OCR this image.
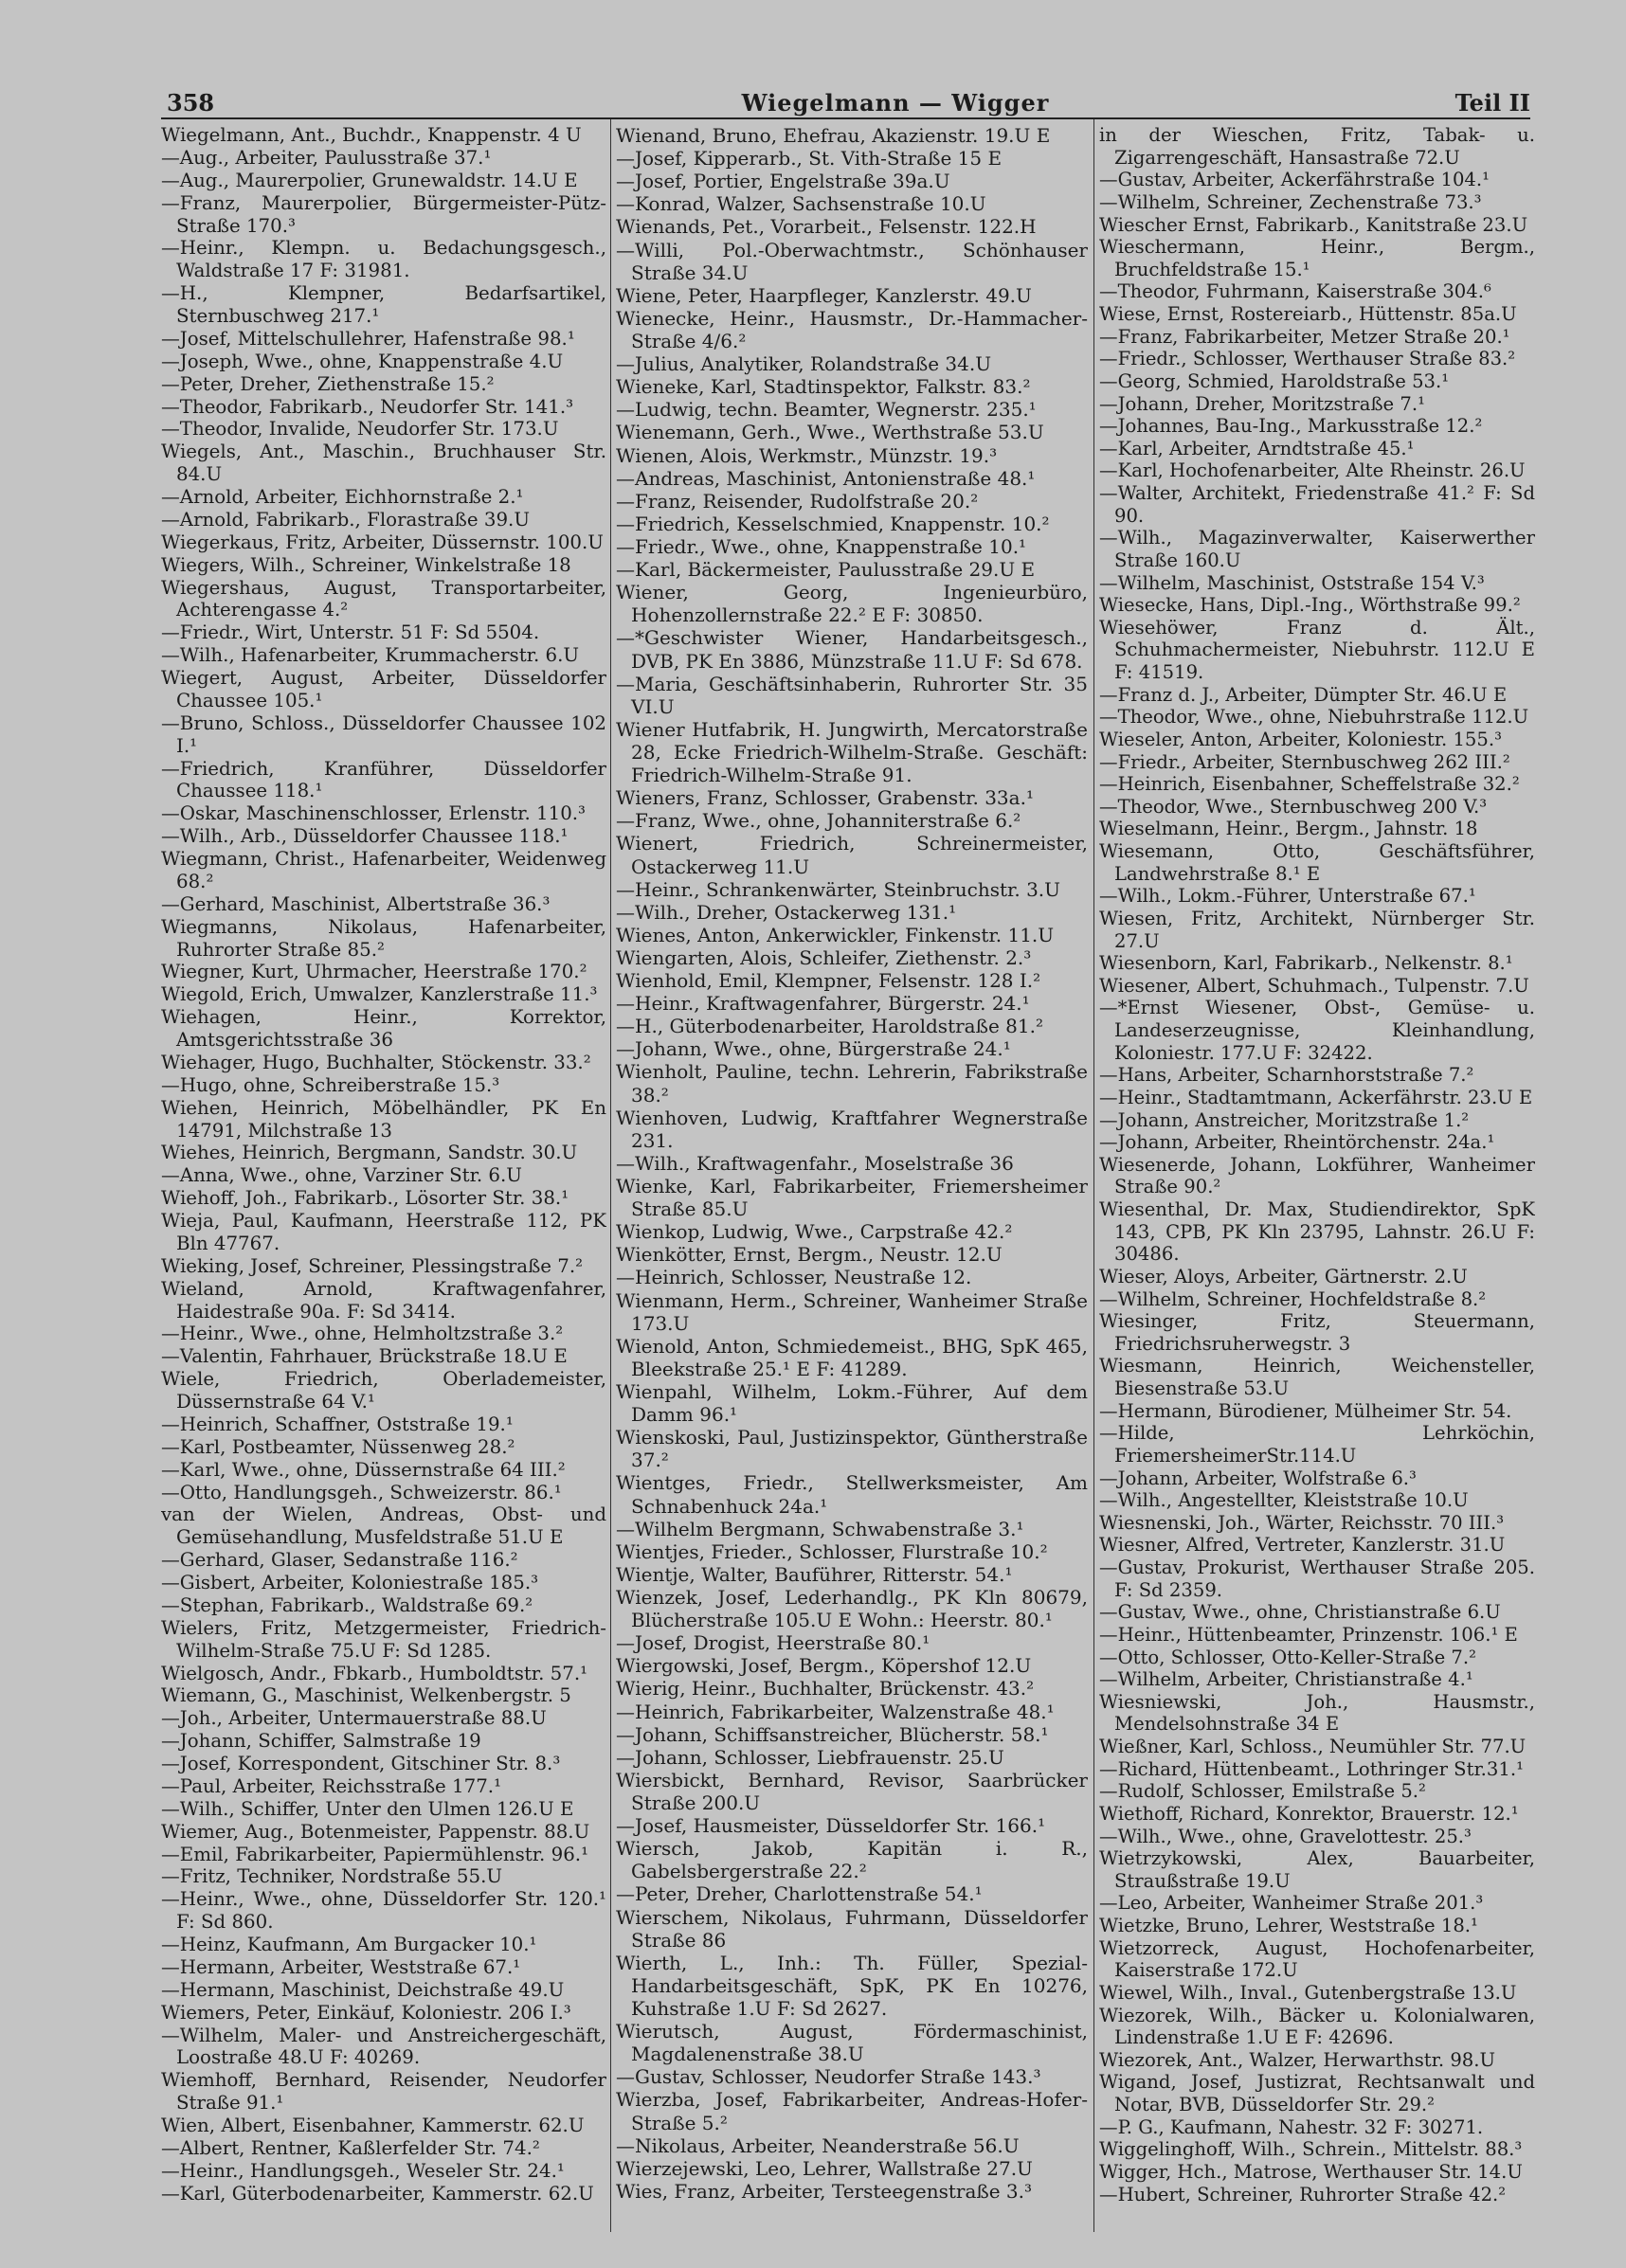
358	Wiegelmann — Wigger	Teil II
Wiegelmann, Ant., Buchdr., Knappenstr. 4 U
—Aug., Arbeiter, Paulusstraße 37.¹
—Aug., Maurerpolier, Grunewaldstr. 14.U E
—Franz, Maurerpolier, Bürgermeister-Pütz-Straße 170.³
—Heinr., Klempn. u. Bedachungsgesch., Waldstraße 17 F: 31981.
—H., Klempner, Bedarfsartikel, Sternbuschweg 217.¹
—Josef, Mittelschullehrer, Hafenstraße 98.¹
—Joseph, Wwe., ohne, Knappenstraße 4.U
—Peter, Dreher, Ziethenstraße 15.²
—Theodor, Fabrikarb., Neudorfer Str. 141.³
—Theodor, Invalide, Neudorfer Str. 173.U
Wiegels, Ant., Maschin., Bruchhauser Str. 84.U
—Arnold, Arbeiter, Eichhornstraße 2.¹
—Arnold, Fabrikarb., Florastraße 39.U
Wiegerkaus, Fritz, Arbeiter, Düssernstr. 100.U
Wiegers, Wilh., Schreiner, Winkelstraße 18
Wiegershaus, August, Transportarbeiter, Achterengasse 4.²
—Friedr., Wirt, Unterstr. 51 F: Sd 5504.
—Wilh., Hafenarbeiter, Krummacherstr. 6.U
Wiegert, August, Arbeiter, Düsseldorfer Chaussee 105.¹
—Bruno, Schloss., Düsseldorfer Chaussee 102 I.¹
—Friedrich, Kranführer, Düsseldorfer Chaussee 118.¹
—Oskar, Maschinenschlosser, Erlenstr. 110.³
—Wilh., Arb., Düsseldorfer Chaussee 118.¹
Wiegmann, Christ., Hafenarbeiter, Weidenweg 68.²
—Gerhard, Maschinist, Albertstraße 36.³
Wiegmanns, Nikolaus, Hafenarbeiter, Ruhrorter Straße 85.²
Wiegner, Kurt, Uhrmacher, Heerstraße 170.²
Wiegold, Erich, Umwalzer, Kanzlerstraße 11.³
Wiehagen, Heinr., Korrektor, Amtsgerichtsstraße 36
Wiehager, Hugo, Buchhalter, Stöckenstr. 33.²
—Hugo, ohne, Schreiberstraße 15.³
Wiehen, Heinrich, Möbelhändler, PK En 14791, Milchstraße 13
Wiehes, Heinrich, Bergmann, Sandstr. 30.U
—Anna, Wwe., ohne, Varziner Str. 6.U
Wiehoff, Joh., Fabrikarb., Lösorter Str. 38.¹
Wieja, Paul, Kaufmann, Heerstraße 112, PK Bln 47767.
Wieking, Josef, Schreiner, Plessingstraße 7.²
Wieland, Arnold, Kraftwagenfahrer, Haidestraße 90a. F: Sd 3414.
—Heinr., Wwe., ohne, Helmholtzstraße 3.²
—Valentin, Fahrhauer, Brückstraße 18.U E
Wiele, Friedrich, Oberlademeister, Düssernstraße 64 V.¹
—Heinrich, Schaffner, Oststraße 19.¹
—Karl, Postbeamter, Nüssenweg 28.²
—Karl, Wwe., ohne, Düssernstraße 64 III.²
—Otto, Handlungsgeh., Schweizerstr. 86.¹
van der Wielen, Andreas, Obst- und Gemüsehandlung, Musfeldstraße 51.U E
—Gerhard, Glaser, Sedanstraße 116.²
—Gisbert, Arbeiter, Koloniestraße 185.³
—Stephan, Fabrikarb., Waldstraße 69.²
Wielers, Fritz, Metzgermeister, Friedrich-Wilhelm-Straße 75.U F: Sd 1285.
Wielgosch, Andr., Fbkarb., Humboldtstr. 57.¹
Wiemann, G., Maschinist, Welkenbergstr. 5
—Joh., Arbeiter, Untermauerstraße 88.U
—Johann, Schiffer, Salmstraße 19
—Josef, Korrespondent, Gitschiner Str. 8.³
—Paul, Arbeiter, Reichsstraße 177.¹
—Wilh., Schiffer, Unter den Ulmen 126.U E
Wiemer, Aug., Botenmeister, Pappenstr. 88.U
—Emil, Fabrikarbeiter, Papiermühlenstr. 96.¹
—Fritz, Techniker, Nordstraße 55.U
—Heinr., Wwe., ohne, Düsseldorfer Str. 120.¹ F: Sd 860.
—Heinz, Kaufmann, Am Burgacker 10.¹
—Hermann, Arbeiter, Weststraße 67.¹
—Hermann, Maschinist, Deichstraße 49.U
Wiemers, Peter, Einkäuf, Koloniestr. 206 I.³
—Wilhelm, Maler- und Anstreichergeschäft, Loostraße 48.U F: 40269.
Wiemhoff, Bernhard, Reisender, Neudorfer Straße 91.¹
Wien, Albert, Eisenbahner, Kammerstr. 62.U
—Albert, Rentner, Kaßlerfelder Str. 74.²
—Heinr., Handlungsgeh., Weseler Str. 24.¹
—Karl, Güterbodenarbeiter, Kammerstr. 62.U
Wienand, Bruno, Ehefrau, Akazienstr. 19.U E
—Josef, Kipperarb., St. Vith-Straße 15 E
—Josef, Portier, Engelstraße 39a.U
—Konrad, Walzer, Sachsenstraße 10.U
Wienands, Pet., Vorarbeit., Felsenstr. 122.H
—Willi, Pol.-Oberwachtmstr., Schönhauser Straße 34.U
Wiene, Peter, Haarpfleger, Kanzlerstr. 49.U
Wienecke, Heinr., Hausmstr., Dr.-Hammacher-Straße 4/6.²
—Julius, Analytiker, Rolandstraße 34.U
Wieneke, Karl, Stadtinspektor, Falkstr. 83.²
—Ludwig, techn. Beamter, Wegnerstr. 235.¹
Wienemann, Gerh., Wwe., Werthstraße 53.U
Wienen, Alois, Werkmstr., Münzstr. 19.³
—Andreas, Maschinist, Antonienstraße 48.¹
—Franz, Reisender, Rudolfstraße 20.²
—Friedrich, Kesselschmied, Knappenstr. 10.²
—Friedr., Wwe., ohne, Knappenstraße 10.¹
—Karl, Bäckermeister, Paulusstraße 29.U E
Wiener, Georg, Ingenieurbüro, Hohenzollernstraße 22.² E F: 30850.
—*Geschwister Wiener, Handarbeitsgesch., DVB, PK En 3886, Münzstraße 11.U F: Sd 678.
—Maria, Geschäftsinhaberin, Ruhrorter Str. 35 VI.U
Wiener Hutfabrik, H. Jungwirth, Mercatorstraße 28, Ecke Friedrich-Wilhelm-Straße. Geschäft: Friedrich-Wilhelm-Straße 91.
Wieners, Franz, Schlosser, Grabenstr. 33a.¹
—Franz, Wwe., ohne, Johanniterstraße 6.²
Wienert, Friedrich, Schreinermeister, Ostackerweg 11.U
—Heinr., Schrankenwärter, Steinbruchstr. 3.U
—Wilh., Dreher, Ostackerweg 131.¹
Wienes, Anton, Ankerwickler, Finkenstr. 11.U
Wiengarten, Alois, Schleifer, Ziethenstr. 2.³
Wienhold, Emil, Klempner, Felsenstr. 128 I.²
—Heinr., Kraftwagenfahrer, Bürgerstr. 24.¹
—H., Güterbodenarbeiter, Haroldstraße 81.²
—Johann, Wwe., ohne, Bürgerstraße 24.¹
Wienholt, Pauline, techn. Lehrerin, Fabrikstraße 38.²
Wienhoven, Ludwig, Kraftfahrer Wegnerstraße 231.
—Wilh., Kraftwagenfahr., Moselstraße 36
Wienke, Karl, Fabrikarbeiter, Friemersheimer Straße 85.U
Wienkop, Ludwig, Wwe., Carpstraße 42.²
Wienkötter, Ernst, Bergm., Neustr. 12.U
—Heinrich, Schlosser, Neustraße 12.
Wienmann, Herm., Schreiner, Wanheimer Straße 173.U
Wienold, Anton, Schmiedemeist., BHG, SpK 465, Bleekstraße 25.¹ E F: 41289.
Wienpahl, Wilhelm, Lokm.-Führer, Auf dem Damm 96.¹
Wienskoski, Paul, Justizinspektor, Güntherstraße 37.²
Wientges, Friedr., Stellwerksmeister, Am Schnabenhuck 24a.¹
—Wilhelm Bergmann, Schwabenstraße 3.¹
Wientjes, Frieder., Schlosser, Flurstraße 10.²
Wientje, Walter, Bauführer, Ritterstr. 54.¹
Wienzek, Josef, Lederhandlg., PK Kln 80679, Blücherstraße 105.U E Wohn.: Heerstr. 80.¹
—Josef, Drogist, Heerstraße 80.¹
Wiergowski, Josef, Bergm., Köpershof 12.U
Wierig, Heinr., Buchhalter, Brückenstr. 43.²
—Heinrich, Fabrikarbeiter, Walzenstraße 48.¹
—Johann, Schiffsanstreicher, Blücherstr. 58.¹
—Johann, Schlosser, Liebfrauenstr. 25.U
Wiersbickt, Bernhard, Revisor, Saarbrücker Straße 200.U
—Josef, Hausmeister, Düsseldorfer Str. 166.¹
Wiersch, Jakob, Kapitän i. R., Gabelsbergerstraße 22.²
—Peter, Dreher, Charlottenstraße 54.¹
Wierschem, Nikolaus, Fuhrmann, Düsseldorfer Straße 86
Wierth, L., Inh.: Th. Füller, Spezial-Handarbeitsgeschäft, SpK, PK En 10276, Kuhstraße 1.U F: Sd 2627.
Wierutsch, August, Fördermaschinist, Magdalenenstraße 38.U
—Gustav, Schlosser, Neudorfer Straße 143.³
Wierzba, Josef, Fabrikarbeiter, Andreas-Hofer-Straße 5.²
—Nikolaus, Arbeiter, Neanderstraße 56.U
Wierzejewski, Leo, Lehrer, Wallstraße 27.U
Wies, Franz, Arbeiter, Tersteegenstraße 3.³
in der Wieschen, Fritz, Tabak- u. Zigarrengeschäft, Hansastraße 72.U
—Gustav, Arbeiter, Ackerfährstraße 104.¹
—Wilhelm, Schreiner, Zechenstraße 73.³
Wiescher Ernst, Fabrikarb., Kanitstraße 23.U
Wieschermann, Heinr., Bergm., Bruchfeldstraße 15.¹
—Theodor, Fuhrmann, Kaiserstraße 304.⁶
Wiese, Ernst, Rostereiarb., Hüttenstr. 85a.U
—Franz, Fabrikarbeiter, Metzer Straße 20.¹
—Friedr., Schlosser, Werthauser Straße 83.²
—Georg, Schmied, Haroldstraße 53.¹
—Johann, Dreher, Moritzstraße 7.¹
—Johannes, Bau-Ing., Markusstraße 12.²
—Karl, Arbeiter, Arndtstraße 45.¹
—Karl, Hochofenarbeiter, Alte Rheinstr. 26.U
—Walter, Architekt, Friedenstraße 41.² F: Sd 90.
—Wilh., Magazinverwalter, Kaiserwerther Straße 160.U
—Wilhelm, Maschinist, Oststraße 154 V.³
Wiesecke, Hans, Dipl.-Ing., Wörthstraße 99.²
Wiesehöwer, Franz d. Ält., Schuhmachermeister, Niebuhrstr. 112.U E F: 41519.
—Franz d. J., Arbeiter, Dümpter Str. 46.U E
—Theodor, Wwe., ohne, Niebuhrstraße 112.U
Wieseler, Anton, Arbeiter, Koloniestr. 155.³
—Friedr., Arbeiter, Sternbuschweg 262 III.²
—Heinrich, Eisenbahner, Scheffelstraße 32.²
—Theodor, Wwe., Sternbuschweg 200 V.³
Wieselmann, Heinr., Bergm., Jahnstr. 18
Wiesemann, Otto, Geschäftsführer, Landwehrstraße 8.¹ E
—Wilh., Lokm.-Führer, Unterstraße 67.¹
Wiesen, Fritz, Architekt, Nürnberger Str. 27.U
Wiesenborn, Karl, Fabrikarb., Nelkenstr. 8.¹
Wiesener, Albert, Schuhmach., Tulpenstr. 7.U
—*Ernst Wiesener, Obst-, Gemüse- u. Landeserzeugnisse, Kleinhandlung, Koloniestr. 177.U F: 32422.
—Hans, Arbeiter, Scharnhorststraße 7.²
—Heinr., Stadtamtmann, Ackerfährstr. 23.U E
—Johann, Anstreicher, Moritzstraße 1.²
—Johann, Arbeiter, Rheintörchenstr. 24a.¹
Wiesenerde, Johann, Lokführer, Wanheimer Straße 90.²
Wiesenthal, Dr. Max, Studiendirektor, SpK 143, CPB, PK Kln 23795, Lahnstr. 26.U F: 30486.
Wieser, Aloys, Arbeiter, Gärtnerstr. 2.U
—Wilhelm, Schreiner, Hochfeldstraße 8.²
Wiesinger, Fritz, Steuermann, Friedrichsruherwegstr. 3
Wiesmann, Heinrich, Weichensteller, Biesenstraße 53.U
—Hermann, Bürodiener, Mülheimer Str. 54.
—Hilde, Lehrköchin, FriemersheimerStr.114.U
—Johann, Arbeiter, Wolfstraße 6.³
—Wilh., Angestellter, Kleiststraße 10.U
Wiesnenski, Joh., Wärter, Reichsstr. 70 III.³
Wiesner, Alfred, Vertreter, Kanzlerstr. 31.U
—Gustav, Prokurist, Werthauser Straße 205. F: Sd 2359.
—Gustav, Wwe., ohne, Christianstraße 6.U
—Heinr., Hüttenbeamter, Prinzenstr. 106.¹ E
—Otto, Schlosser, Otto-Keller-Straße 7.²
—Wilhelm, Arbeiter, Christianstraße 4.¹
Wiesniewski, Joh., Hausmstr., Mendelsohnstraße 34 E
Wießner, Karl, Schloss., Neumühler Str. 77.U
—Richard, Hüttenbeamt., Lothringer Str.31.¹
—Rudolf, Schlosser, Emilstraße 5.²
Wiethoff, Richard, Konrektor, Brauerstr. 12.¹
—Wilh., Wwe., ohne, Gravelottestr. 25.³
Wietrzykowski, Alex, Bauarbeiter, Straußstraße 19.U
—Leo, Arbeiter, Wanheimer Straße 201.³
Wietzke, Bruno, Lehrer, Weststraße 18.¹
Wietzorreck, August, Hochofenarbeiter, Kaiserstraße 172.U
Wiewel, Wilh., Inval., Gutenbergstraße 13.U
Wiezorek, Wilh., Bäcker u. Kolonialwaren, Lindenstraße 1.U E F: 42696.
Wiezorek, Ant., Walzer, Herwarthstr. 98.U
Wigand, Josef, Justizrat, Rechtsanwalt und Notar, BVB, Düsseldorfer Str. 29.²
—P. G., Kaufmann, Nahestr. 32 F: 30271.
Wiggelinghoff, Wilh., Schrein., Mittelstr. 88.³
Wigger, Hch., Matrose, Werthauser Str. 14.U
—Hubert, Schreiner, Ruhrorter Straße 42.²
